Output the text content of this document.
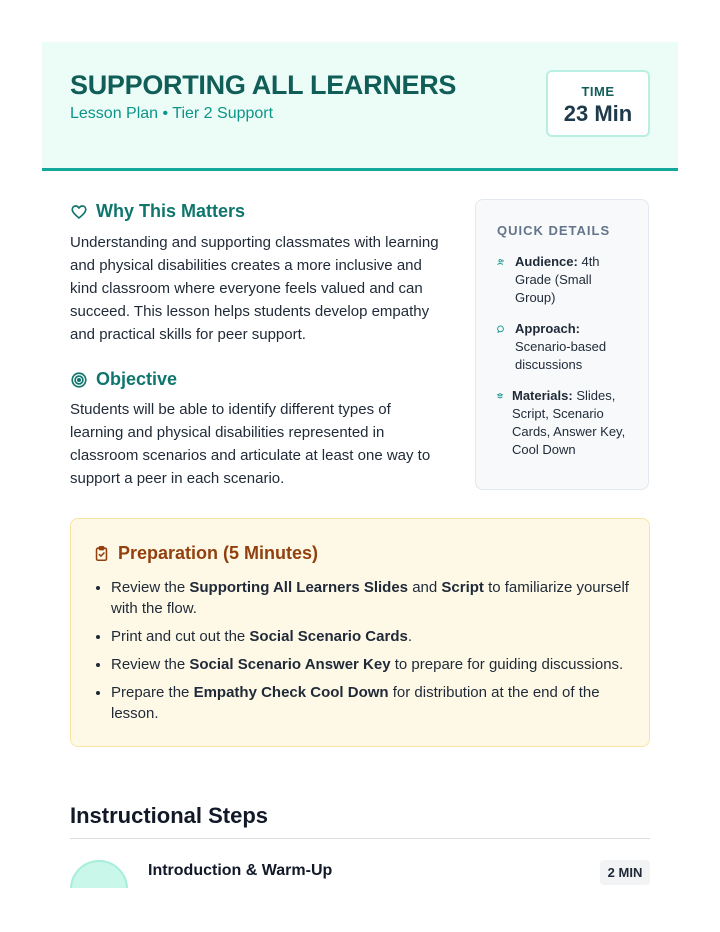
SUPPORTING ALL LEARNERS
Lesson Plan • Tier 2 Support
TIME
23 Min
Why This Matters
Understanding and supporting classmates with learning
and physical disabilities creates a more inclusive and
kind classroom where everyone feels valued and can
succeed. This lesson helps students develop empathy
and practical skills for peer support.
Objective
Students will be able to identify different types of
learning and physical disabilities represented in
classroom scenarios and articulate at least one way to
support a peer in each scenario.
QUICK DETAILS
Audience: 4th
Grade (Small
Group)
Approach:
Scenario-based
discussions
Materials: Slides,
Script, Scenario
Cards, Answer Key,
Cool Down
Preparation (5 Minutes)
• Review the Supporting All Learners Slides and Script to familiarize yourself with the flow.
• Print and cut out the Social Scenario Cards.
• Review the Social Scenario Answer Key to prepare for guiding discussions.
• Prepare the Empathy Check Cool Down for distribution at the end of the lesson.
Instructional Steps
Introduction & Warm-Up	2 MIN
